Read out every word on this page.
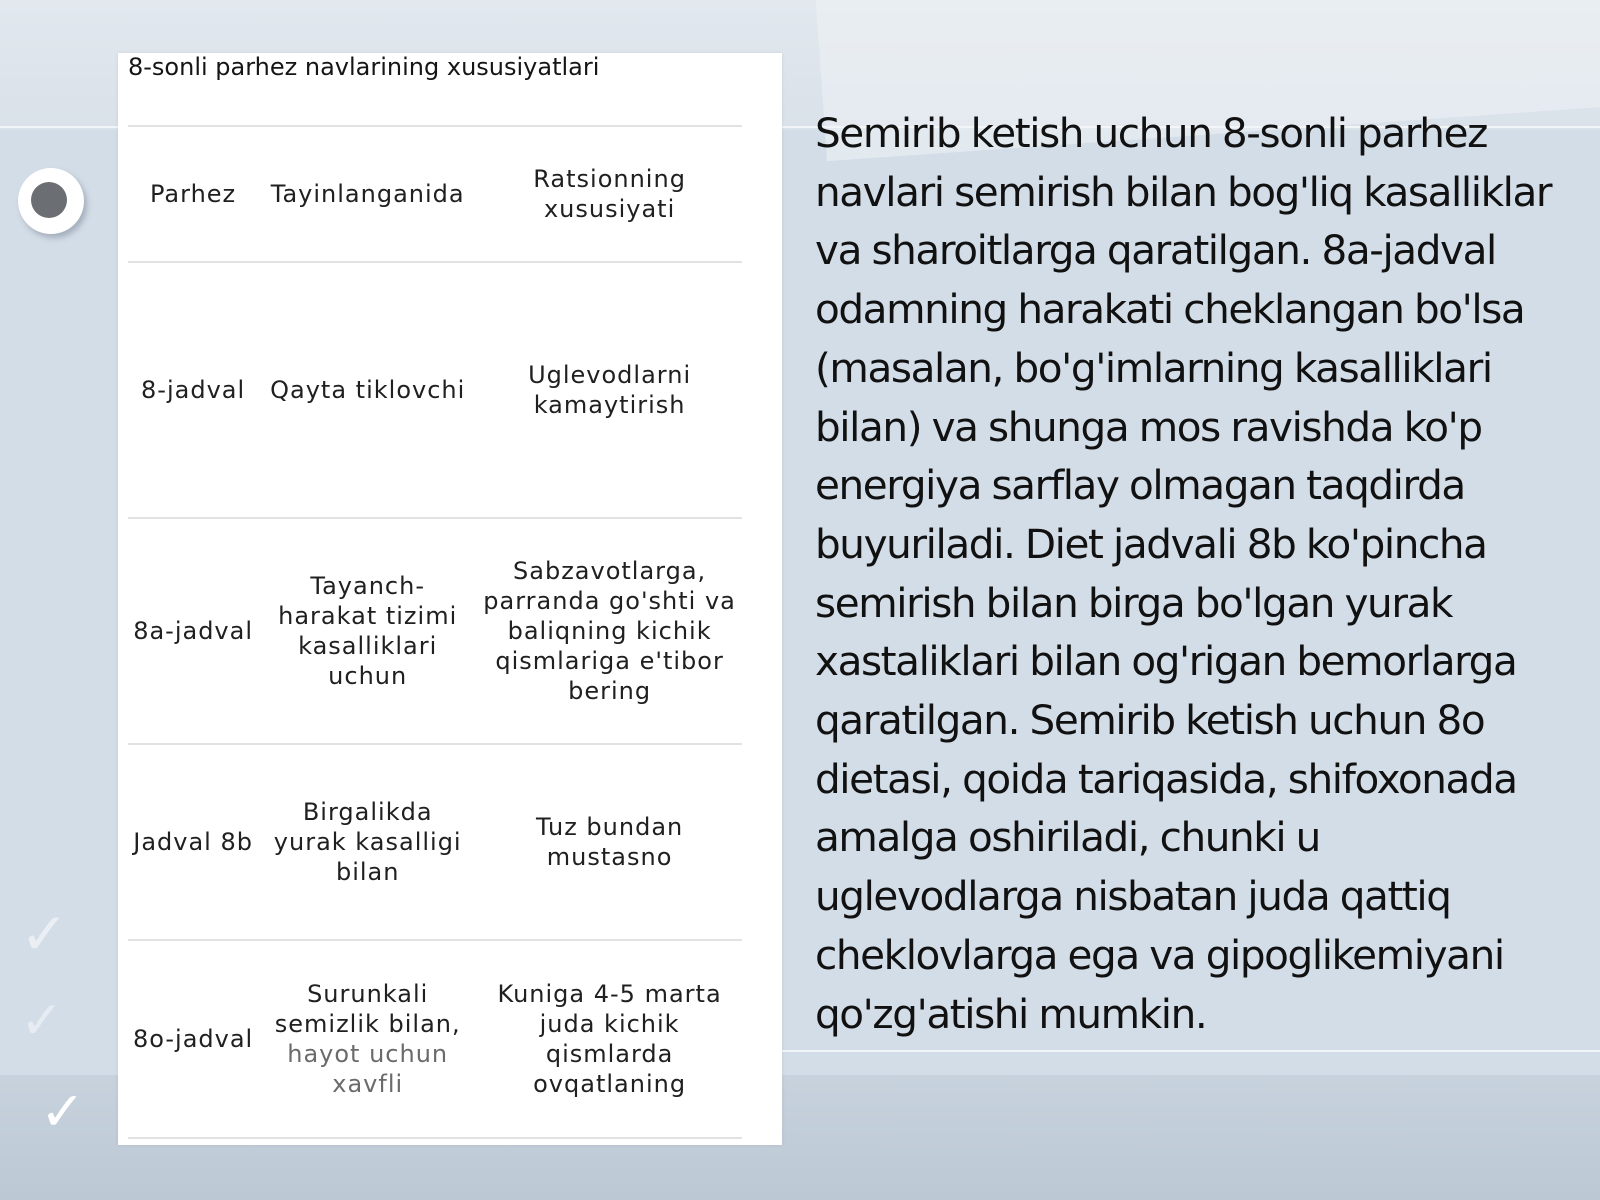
✓
✓
✓
8-sonli parhez navlarining xususiyatlari
Parhez	Tayinlanganida	Ratsionning xususiyati
8-jadval	Qayta tiklovchi	Uglevodlarni kamaytirish
8a-jadval	Tayanch-harakat tizimi kasalliklari uchun	Sabzavotlarga, parranda go'shti va baliqning kichik qismlariga e'tibor bering
Jadval 8b	Birgalikda yurak kasalligi bilan	Tuz bundan mustasno
8o-jadval	Surunkali semizlik bilan, hayot uchun xavfli	Kuniga 4-5 marta juda kichik qismlarda ovqatlaning
Semirib ketish uchun 8-sonli parhez
navlari semirish bilan bog'liq kasalliklar
va sharoitlarga qaratilgan. 8a-jadval
odamning harakati cheklangan bo'lsa
(masalan, bo'g'imlarning kasalliklari
bilan) va shunga mos ravishda ko'p
energiya sarflay olmagan taqdirda
buyuriladi. Diet jadvali 8b ko'pincha
semirish bilan birga bo'lgan yurak
xastaliklari bilan og'rigan bemorlarga
qaratilgan. Semirib ketish uchun 8o
dietasi, qoida tariqasida, shifoxonada
amalga oshiriladi, chunki u
uglevodlarga nisbatan juda qattiq
cheklovlarga ega va gipoglikemiyani
qo'zg'atishi mumkin.
